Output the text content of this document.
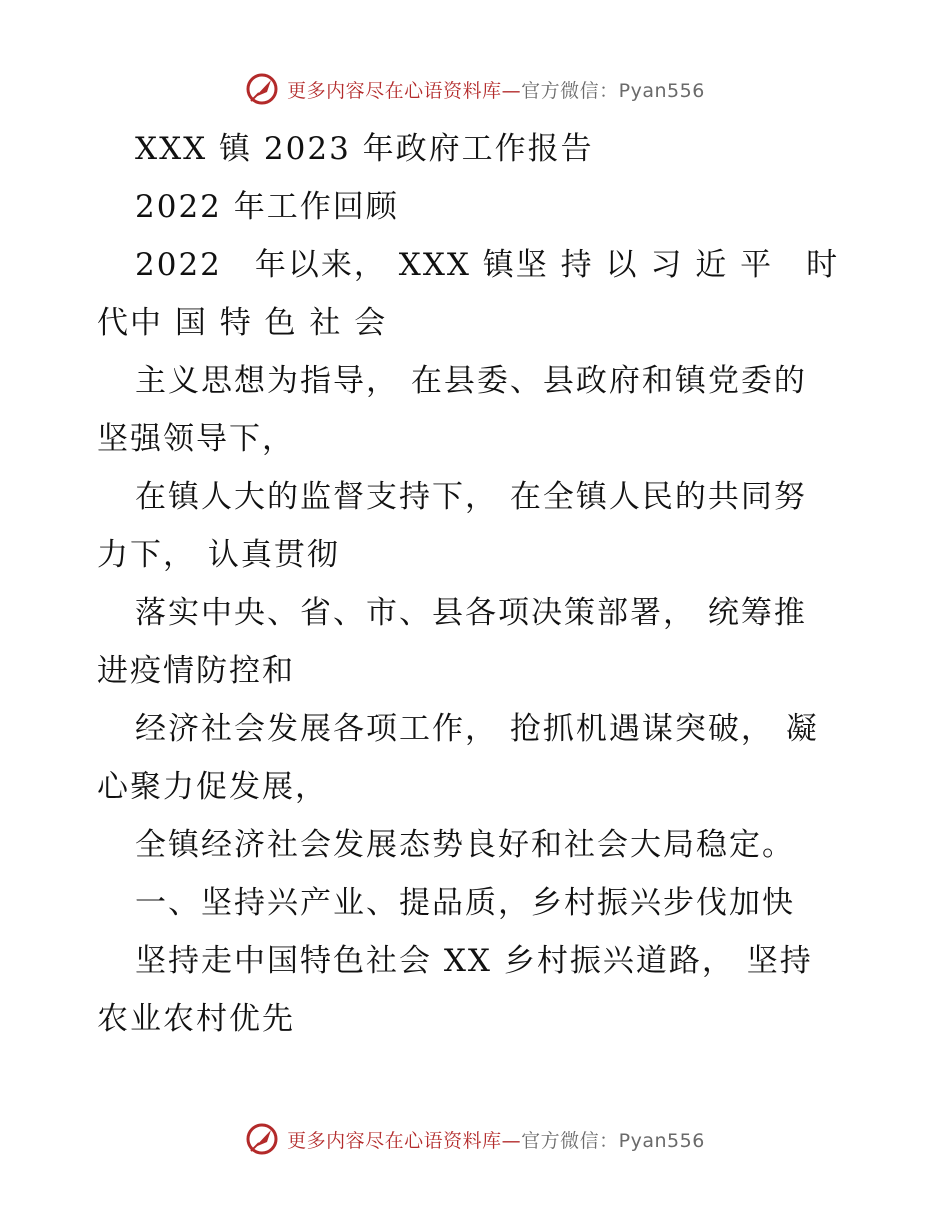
更多内容尽在心语资料库—官方微信：Pyan556
XXX 镇 2023 年政府工作报告
2022 年工作回顾
2022　年以来， XXX 镇坚 持 以 习 近 平　时
代中 国 特 色 社 会
主义思想为指导， 在县委、县政府和镇党委的
坚强领导下，
在镇人大的监督支持下， 在全镇人民的共同努
力下， 认真贯彻
落实中央、省、市、县各项决策部署， 统筹推
进疫情防控和
经济社会发展各项工作， 抢抓机遇谋突破， 凝
心聚力促发展，
全镇经济社会发展态势良好和社会大局稳定。
一、坚持兴产业、提品质，乡村振兴步伐加快
坚持走中国特色社会 XX 乡村振兴道路， 坚持
农业农村优先
更多内容尽在心语资料库—官方微信：Pyan556
